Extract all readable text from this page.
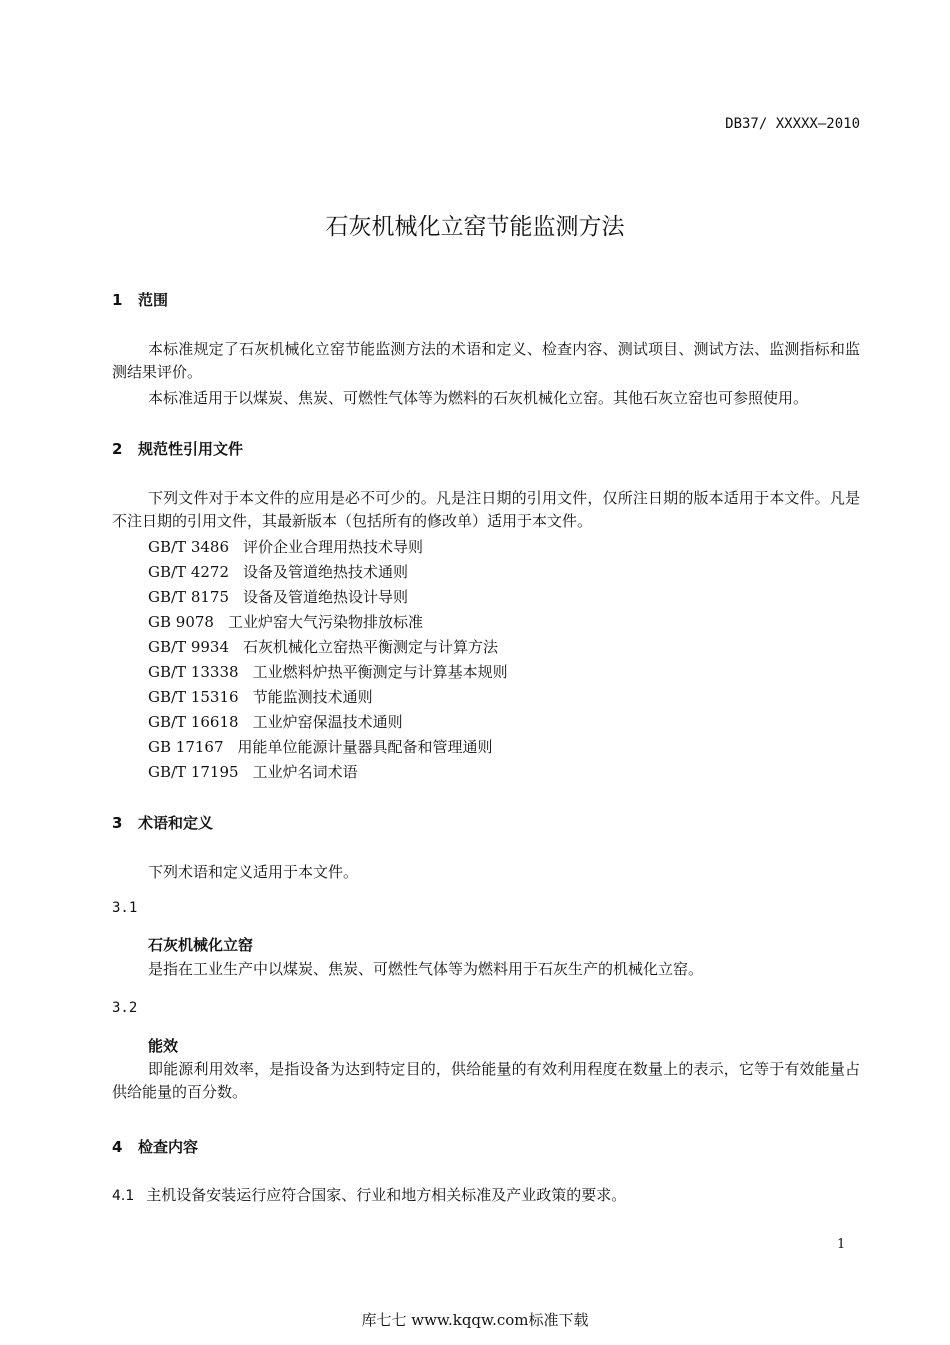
DB37/ XXXXX—2010
石灰机械化立窑节能监测方法
1 范围
本标准规定了石灰机械化立窑节能监测方法的术语和定义、检查内容、测试项目、测试方法、监测指标和监测结果评价。
本标准适用于以煤炭、焦炭、可燃性气体等为燃料的石灰机械化立窑。其他石灰立窑也可参照使用。
2 规范性引用文件
下列文件对于本文件的应用是必不可少的。凡是注日期的引用文件，仅所注日期的版本适用于本文件。凡是不注日期的引用文件，其最新版本（包括所有的修改单）适用于本文件。
GB/T 3486 评价企业合理用热技术导则
GB/T 4272 设备及管道绝热技术通则
GB/T 8175 设备及管道绝热设计导则
GB 9078 工业炉窑大气污染物排放标准
GB/T 9934 石灰机械化立窑热平衡测定与计算方法
GB/T 13338 工业燃料炉热平衡测定与计算基本规则
GB/T 15316 节能监测技术通则
GB/T 16618 工业炉窑保温技术通则
GB 17167 用能单位能源计量器具配备和管理通则
GB/T 17195 工业炉名词术语
3 术语和定义
下列术语和定义适用于本文件。
3.1
石灰机械化立窑
是指在工业生产中以煤炭、焦炭、可燃性气体等为燃料用于石灰生产的机械化立窑。
3.2
能效
即能源利用效率，是指设备为达到特定目的，供给能量的有效利用程度在数量上的表示，它等于有效能量占供给能量的百分数。
4 检查内容
4.1 主机设备安装运行应符合国家、行业和地方相关标准及产业政策的要求。
1
库七七 www.kqqw.com标准下载
